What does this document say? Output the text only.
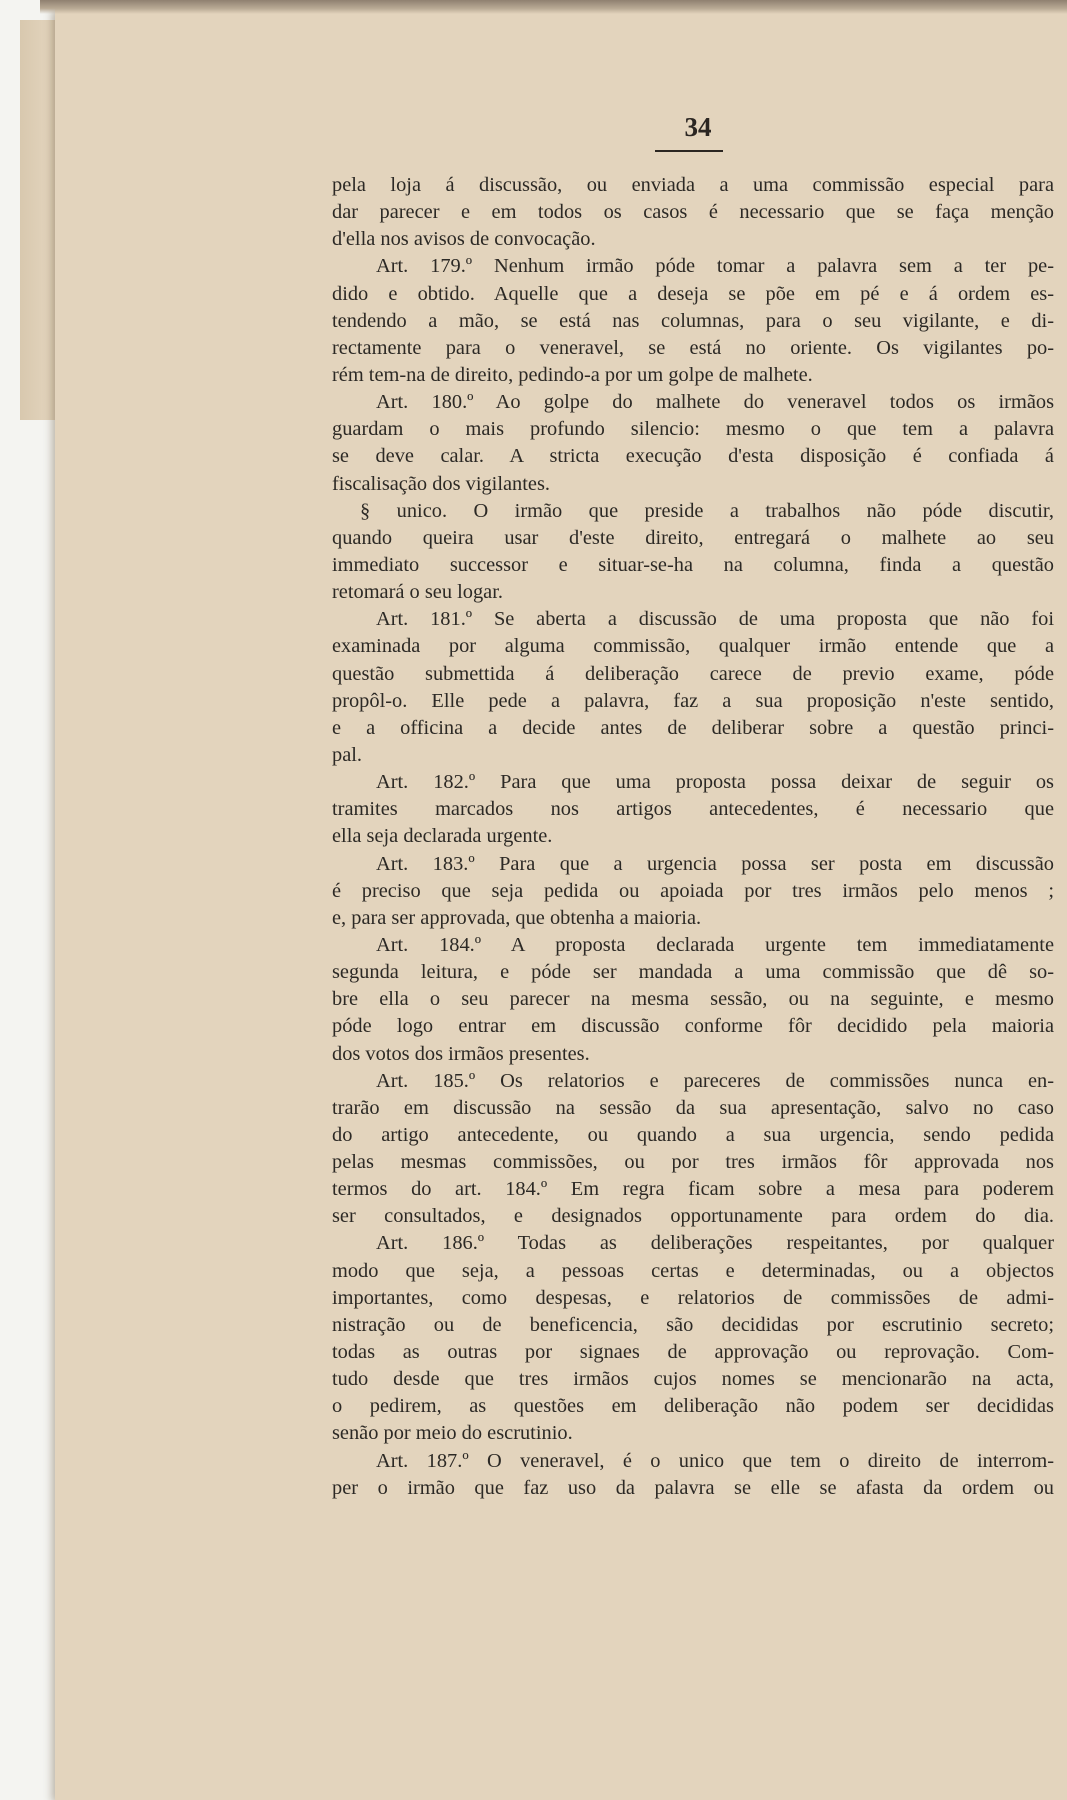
34

pela loja á discussão, ou enviada a uma commissão especial para

dar parecer e em todos os casos é necessario que se faça menção

d'ella nos avisos de convocação.

Art. 179.º Nenhum irmão póde tomar a palavra sem a ter pe-

dido e obtido. Aquelle que a deseja se põe em pé e á ordem es-

tendendo a mão, se está nas columnas, para o seu vigilante, e di-

rectamente para o veneravel, se está no oriente. Os vigilantes po-

rém tem-na de direito, pedindo-a por um golpe de malhete.

Art. 180.º Ao golpe do malhete do veneravel todos os irmãos

guardam o mais profundo silencio: mesmo o que tem a palavra

se deve calar. A stricta execução d'esta disposição é confiada á

fiscalisação dos vigilantes.

§ unico. O irmão que preside a trabalhos não póde discutir,

quando queira usar d'este direito, entregará o malhete ao seu

immediato successor e situar-se-ha na columna, finda a questão

retomará o seu logar.

Art. 181.º Se aberta a discussão de uma proposta que não foi

examinada por alguma commissão, qualquer irmão entende que a

questão submettida á deliberação carece de previo exame, póde

propôl-o. Elle pede a palavra, faz a sua proposição n'este sentido,

e a officina a decide antes de deliberar sobre a questão princi-

pal.

Art. 182.º Para que uma proposta possa deixar de seguir os

tramites marcados nos artigos antecedentes, é necessario que

ella seja declarada urgente.

Art. 183.º Para que a urgencia possa ser posta em discussão

é preciso que seja pedida ou apoiada por tres irmãos pelo menos ;

e, para ser approvada, que obtenha a maioria.

Art. 184.º A proposta declarada urgente tem immediatamente

segunda leitura, e póde ser mandada a uma commissão que dê so-

bre ella o seu parecer na mesma sessão, ou na seguinte, e mesmo

póde logo entrar em discussão conforme fôr decidido pela maioria

dos votos dos irmãos presentes.

Art. 185.º Os relatorios e pareceres de commissões nunca en-

trarão em discussão na sessão da sua apresentação, salvo no caso

do artigo antecedente, ou quando a sua urgencia, sendo pedida

pelas mesmas commissões, ou por tres irmãos fôr approvada nos

termos do art. 184.º Em regra ficam sobre a mesa para poderem

ser consultados, e designados opportunamente para ordem do dia.

Art. 186.º Todas as deliberações respeitantes, por qualquer

modo que seja, a pessoas certas e determinadas, ou a objectos

importantes, como despesas, e relatorios de commissões de admi-

nistração ou de beneficencia, são decididas por escrutinio secreto;

todas as outras por signaes de approvação ou reprovação. Com-

tudo desde que tres irmãos cujos nomes se mencionarão na acta,

o pedirem, as questões em deliberação não podem ser decididas

senão por meio do escrutinio.

Art. 187.º O veneravel, é o unico que tem o direito de interrom-

per o irmão que faz uso da palavra se elle se afasta da ordem ou
